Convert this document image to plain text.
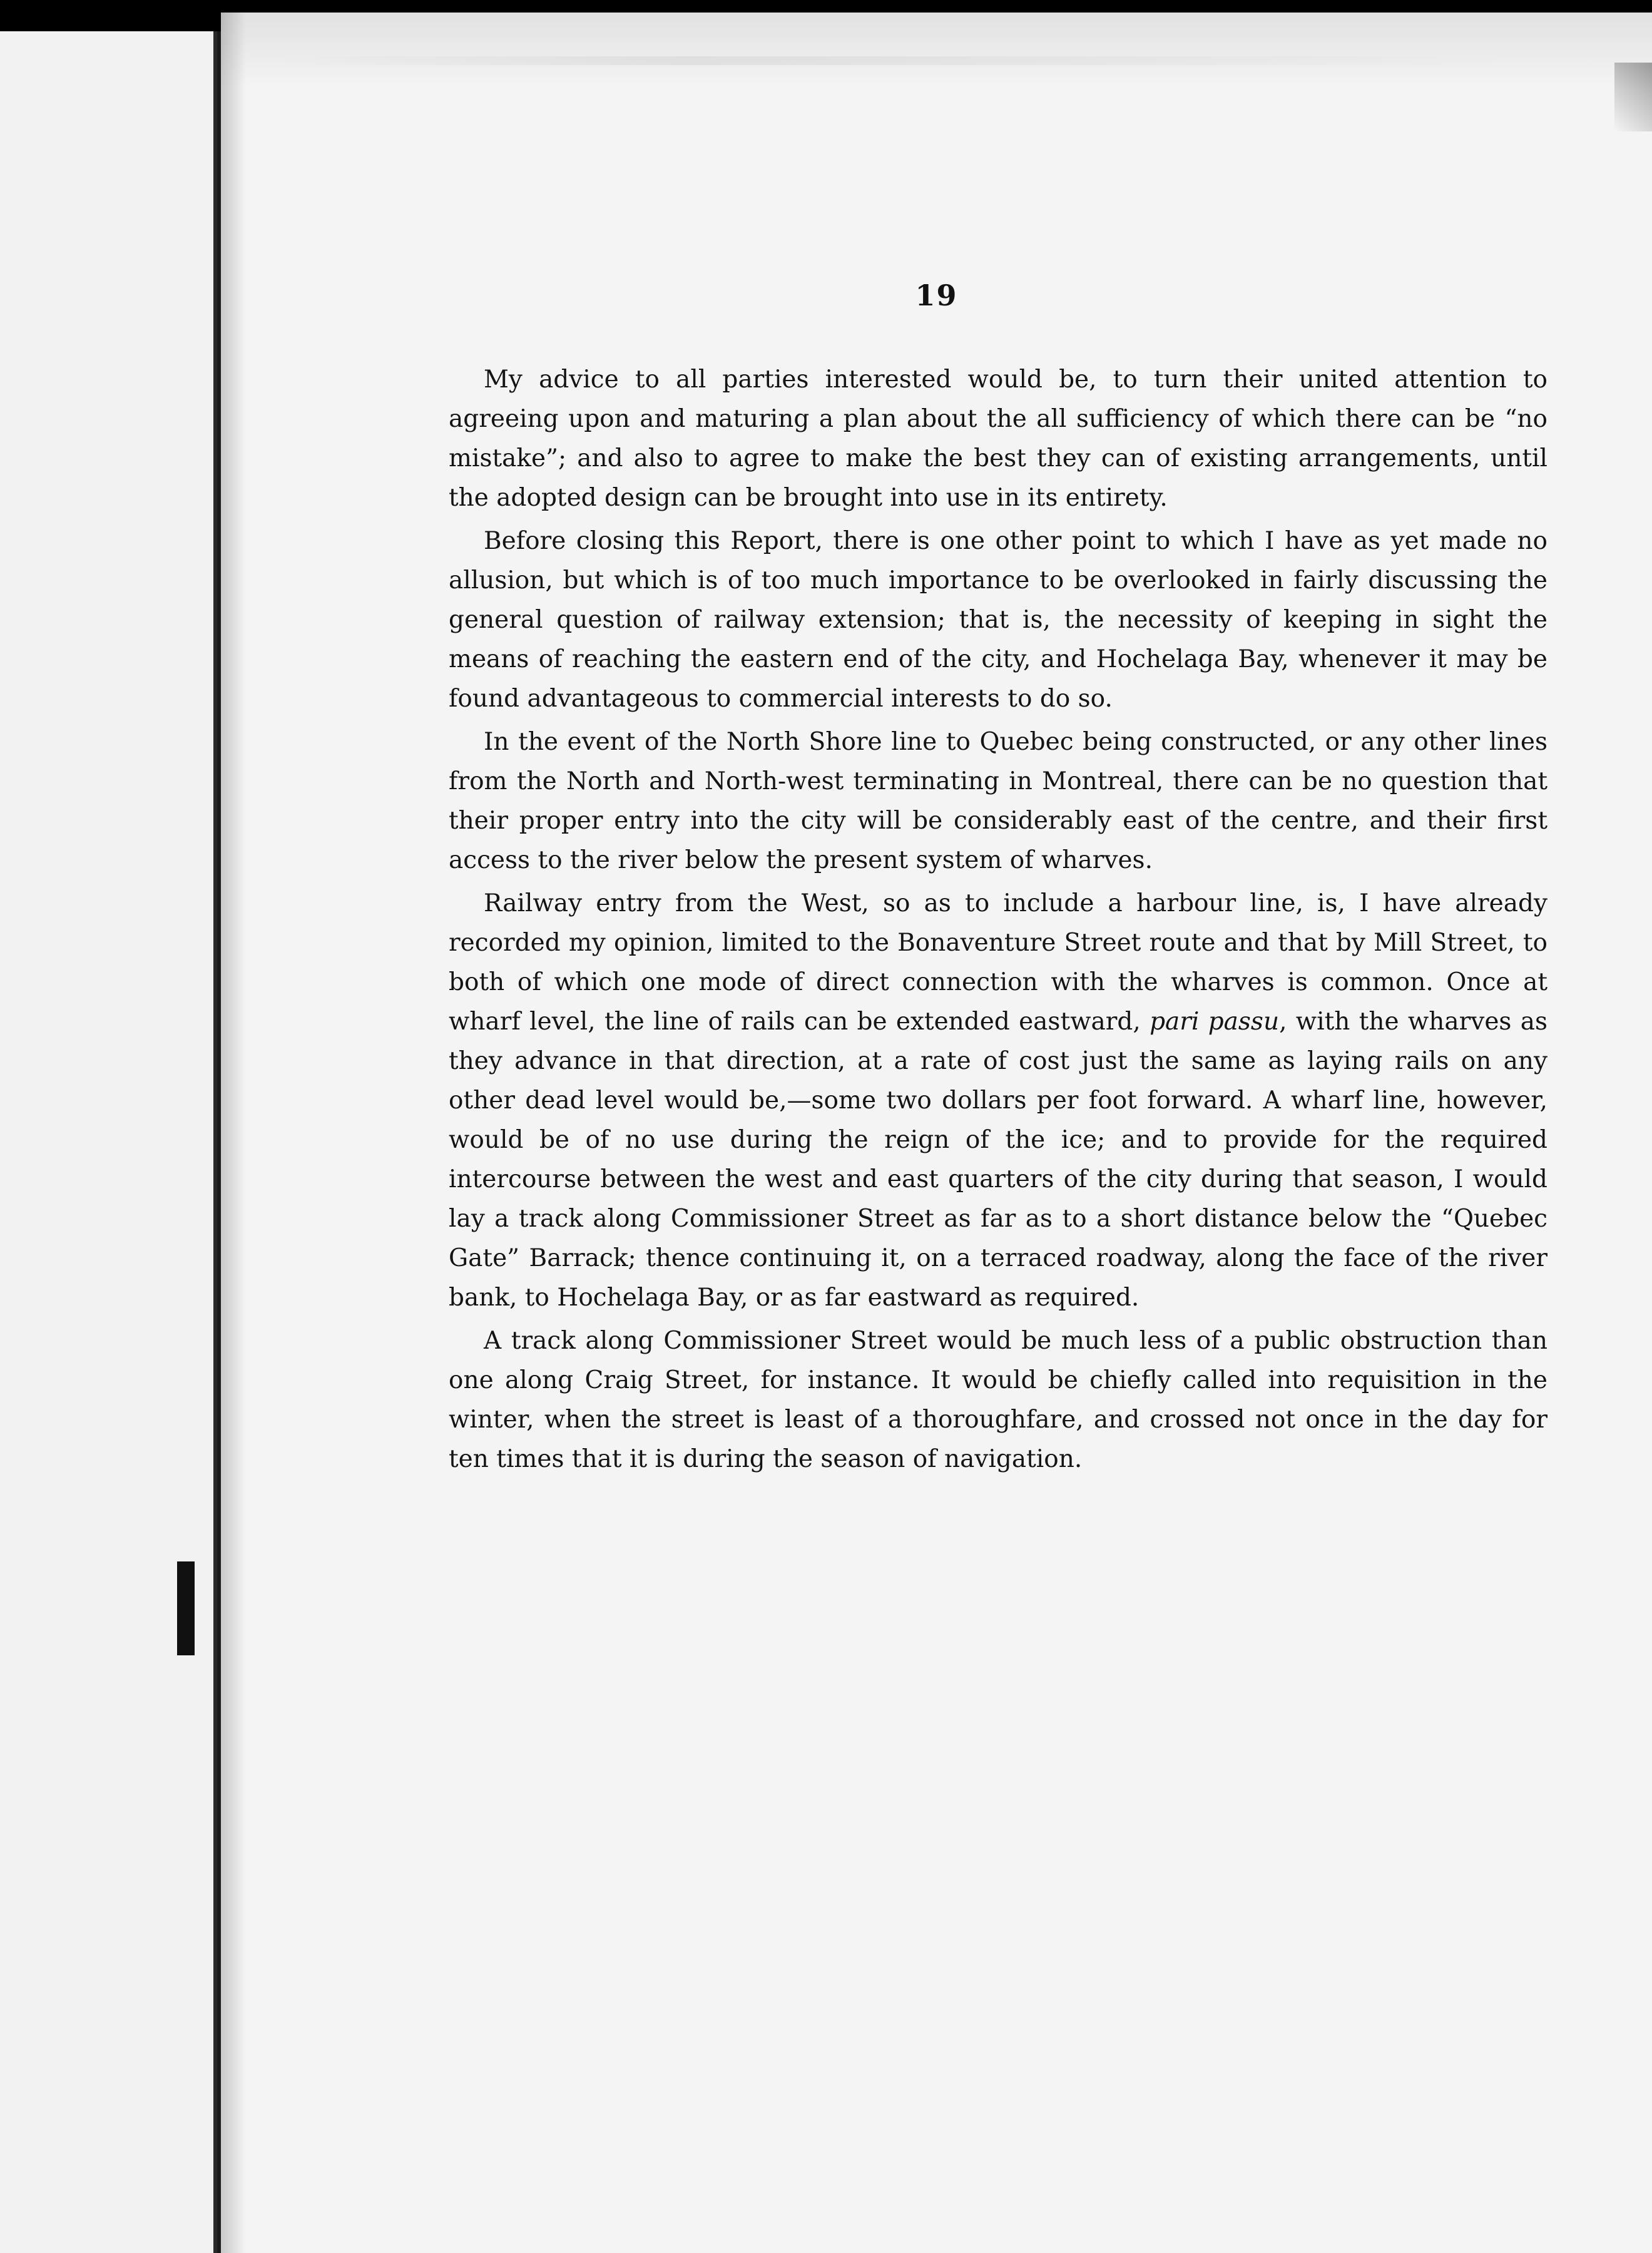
19

My advice to all parties interested would be, to turn their united attention to agreeing upon and maturing a plan about the all sufficiency of which there can be “no mistake”; and also to agree to make the best they can of existing arrangements, until the adopted design can be brought into use in its entirety.

Before closing this Report, there is one other point to which I have as yet made no allusion, but which is of too much importance to be overlooked in fairly discussing the general question of railway extension; that is, the necessity of keeping in sight the means of reaching the eastern end of the city, and Hochelaga Bay, whenever it may be found advantageous to commercial interests to do so.

In the event of the North Shore line to Quebec being constructed, or any other lines from the North and North-west terminating in Montreal, there can be no question that their proper entry into the city will be considerably east of the centre, and their first access to the river below the present system of wharves.

Railway entry from the West, so as to include a harbour line, is, I have already recorded my opinion, limited to the Bonaventure Street route and that by Mill Street, to both of which one mode of direct connection with the wharves is common. Once at wharf level, the line of rails can be extended eastward, pari passu, with the wharves as they advance in that direction, at a rate of cost just the same as laying rails on any other dead level would be,—some two dollars per foot forward. A wharf line, however, would be of no use during the reign of the ice; and to provide for the required intercourse between the west and east quarters of the city during that season, I would lay a track along Commissioner Street as far as to a short distance below the “Quebec Gate” Barrack; thence continuing it, on a terraced roadway, along the face of the river bank, to Hochelaga Bay, or as far eastward as required.

A track along Commissioner Street would be much less of a public obstruction than one along Craig Street, for instance. It would be chiefly called into requisition in the winter, when the street is least of a thoroughfare, and crossed not once in the day for ten times that it is during the season of navigation.
